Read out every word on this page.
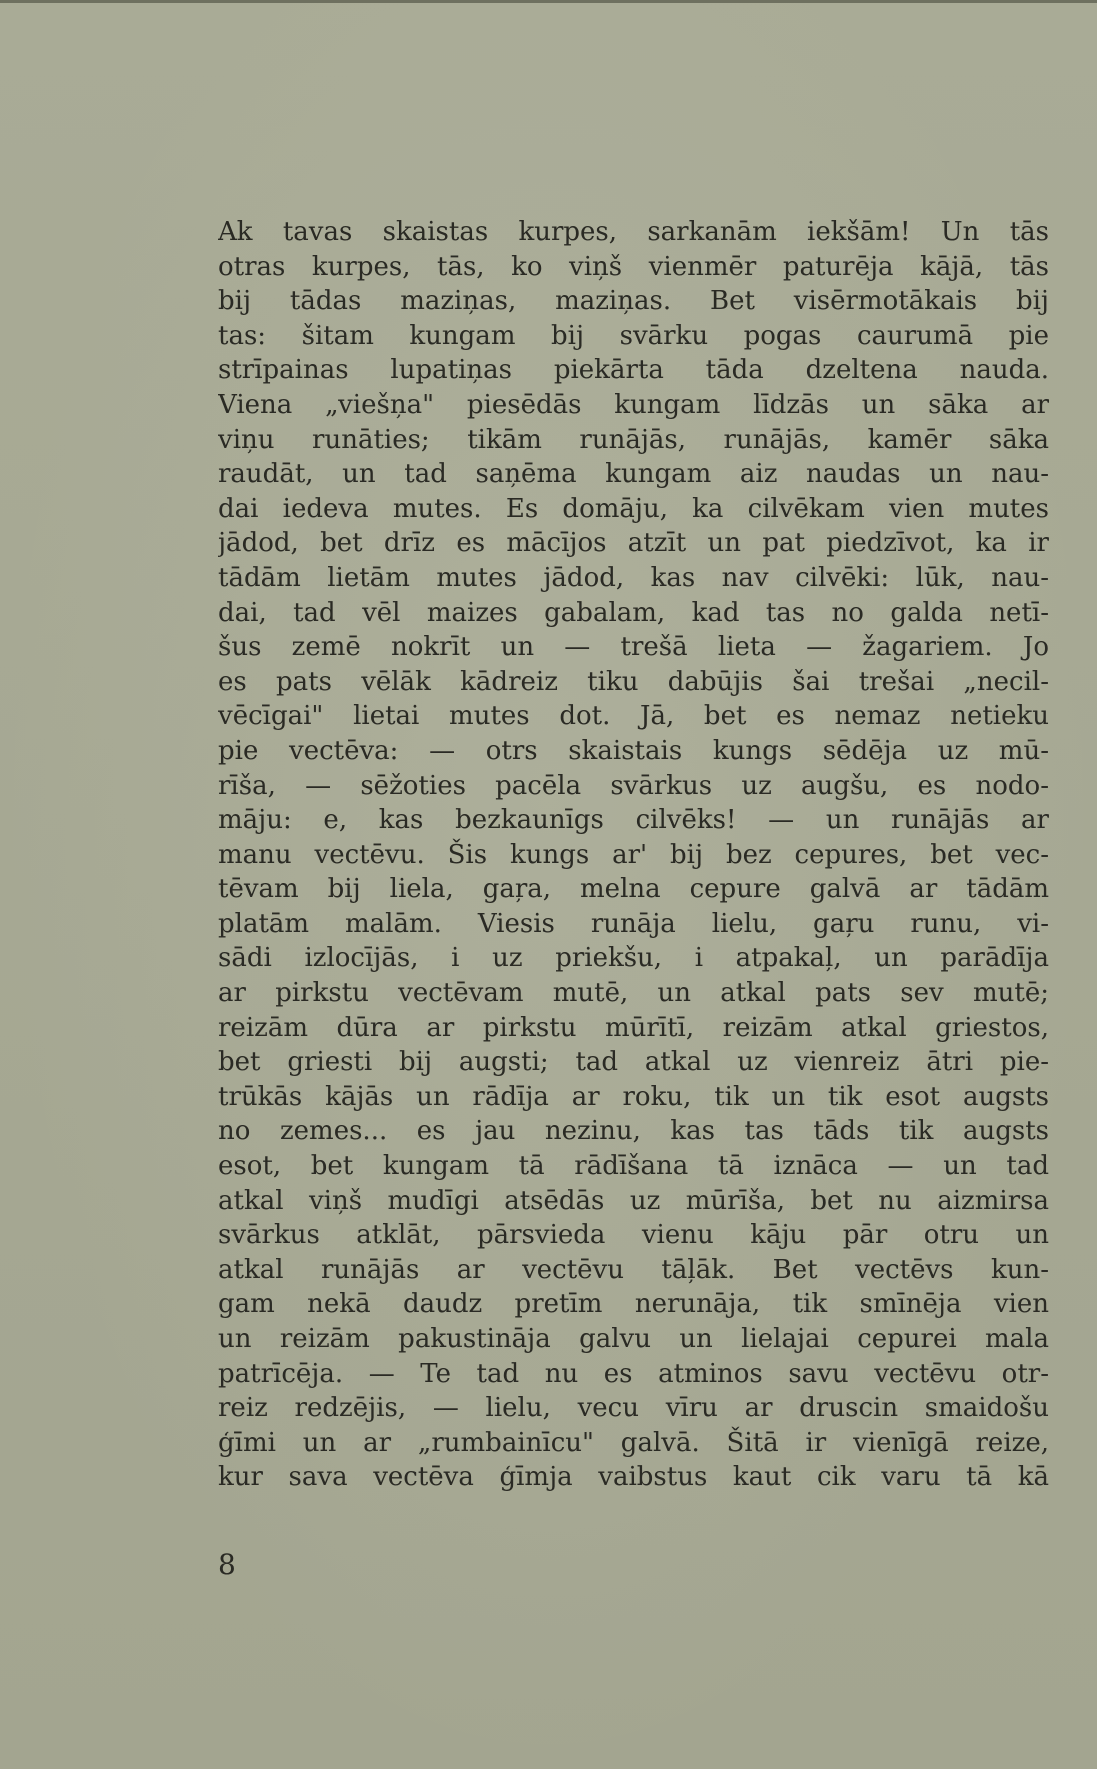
Ak tavas skaistas kurpes, sarkanām iekšām! Un tās
otras kurpes, tās, ko viņš vienmēr paturēja kājā, tās
bij tādas maziņas, maziņas. Bet visērmotākais bij
tas: šitam kungam bij svārku pogas caurumā pie
strīpainas lupatiņas piekārta tāda dzeltena nauda.
Viena „viešņa" piesēdās kungam līdzās un sāka ar
viņu runāties; tikām runājās, runājās, kamēr sāka
raudāt, un tad saņēma kungam aiz naudas un nau-
dai iedeva mutes. Es domāju, ka cilvēkam vien mutes
jādod, bet drīz es mācījos atzīt un pat piedzīvot, ka ir
tādām lietām mutes jādod, kas nav cilvēki: lūk, nau-
dai, tad vēl maizes gabalam, kad tas no galda netī-
šus zemē nokrīt un — trešā lieta — žagariem. Jo
es pats vēlāk kādreiz tiku dabūjis šai trešai „necil-
vēcīgai" lietai mutes dot. Jā, bet es nemaz netieku
pie vectēva: — otrs skaistais kungs sēdēja uz mū-
rīša, — sēžoties pacēla svārkus uz augšu, es nodo-
māju: e, kas bezkaunīgs cilvēks! — un runājās ar
manu vectēvu. Šis kungs ar' bij bez cepures, bet vec-
tēvam bij liela, gaŗa, melna cepure galvā ar tādām
platām malām. Viesis runāja lielu, gaŗu runu, vi-
sādi izlocījās, i uz priekšu, i atpakaļ, un parādīja
ar pirkstu vectēvam mutē, un atkal pats sev mutē;
reizām dūra ar pirkstu mūrītī, reizām atkal griestos,
bet griesti bij augsti; tad atkal uz vienreiz ātri pie-
trūkās kājās un rādīja ar roku, tik un tik esot augsts
no zemes... es jau nezinu, kas tas tāds tik augsts
esot, bet kungam tā rādīšana tā iznāca — un tad
atkal viņš mudīgi atsēdās uz mūrīša, bet nu aizmirsa
svārkus atklāt, pārsvieda vienu kāju pār otru un
atkal runājās ar vectēvu tāļāk. Bet vectēvs kun-
gam nekā daudz pretīm nerunāja, tik smīnēja vien
un reizām pakustināja galvu un lielajai cepurei mala
patrīcēja. — Te tad nu es atminos savu vectēvu otr-
reiz redzējis, — lielu, vecu vīru ar druscin smaidošu
ģīmi un ar „rumbainīcu" galvā. Šitā ir vienīgā reize,
kur sava vectēva ģīmja vaibstus kaut cik varu tā kā
8
